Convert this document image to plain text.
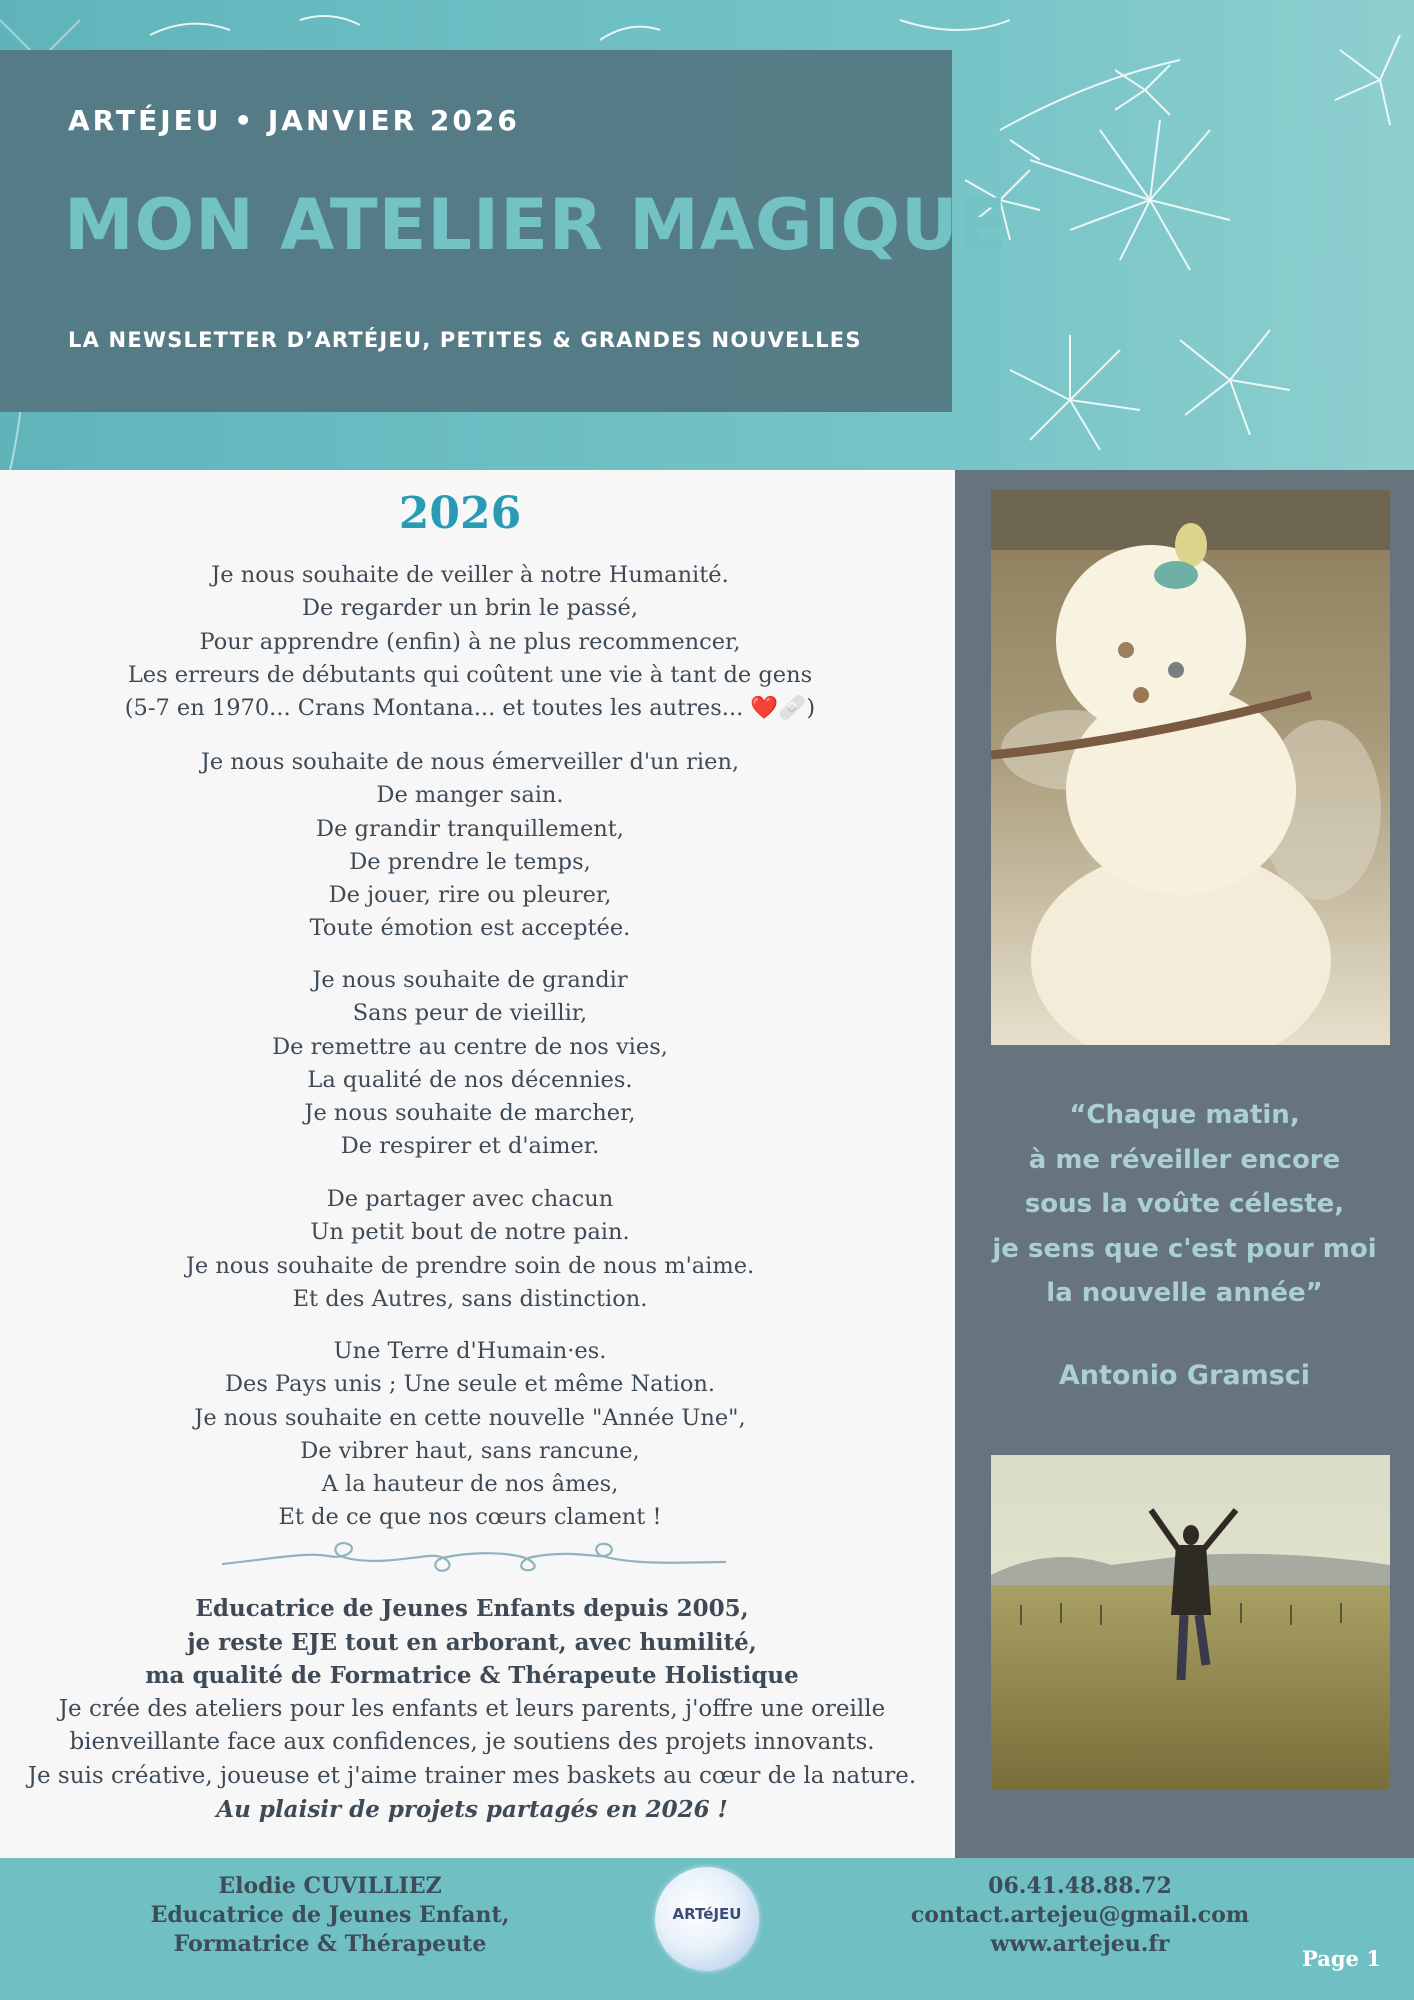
ARTÉJEU • JANVIER 2026
MON ATELIER MAGIQUE
LA NEWSLETTER D’ARTÉJEU, PETITES & GRANDES NOUVELLES
2026
Je nous souhaite de veiller à notre Humanité.
De regarder un brin le passé,
Pour apprendre (enfin) à ne plus recommencer,
Les erreurs de débutants qui coûtent une vie à tant de gens
(5-7 en 1970... Crans Montana... et toutes les autres... ❤️🩹)
Je nous souhaite de nous émerveiller d'un rien,
De manger sain.
De grandir tranquillement,
De prendre le temps,
De jouer, rire ou pleurer,
Toute émotion est acceptée.
Je nous souhaite de grandir
Sans peur de vieillir,
De remettre au centre de nos vies,
La qualité de nos décennies.
Je nous souhaite de marcher,
De respirer et d'aimer.
De partager avec chacun
Un petit bout de notre pain.
Je nous souhaite de prendre soin de nous m'aime.
Et des Autres, sans distinction.
Une Terre d'Humain·es.
Des Pays unis ; Une seule et même Nation.
Je nous souhaite en cette nouvelle "Année Une",
De vibrer haut, sans rancune,
A la hauteur de nos âmes,
Et de ce que nos cœurs clament !
Educatrice de Jeunes Enfants depuis 2005,
je reste EJE tout en arborant, avec humilité,
ma qualité de Formatrice & Thérapeute Holistique
Je crée des ateliers pour les enfants et leurs parents, j'offre une oreille
bienveillante face aux confidences, je soutiens des projets innovants.
Je suis créative, joueuse et j'aime trainer mes baskets au cœur de la nature.
Au plaisir de projets partagés en 2026 !
“Chaque matin,
à me réveiller encore
sous la voûte céleste,
je sens que c'est pour moi
la nouvelle année”
Antonio Gramsci
Elodie CUVILLIEZ
Educatrice de Jeunes Enfant,
Formatrice & Thérapeute
ARTéJEU
06.41.48.88.72
contact.artejeu@gmail.com
www.artejeu.fr
Page 1
